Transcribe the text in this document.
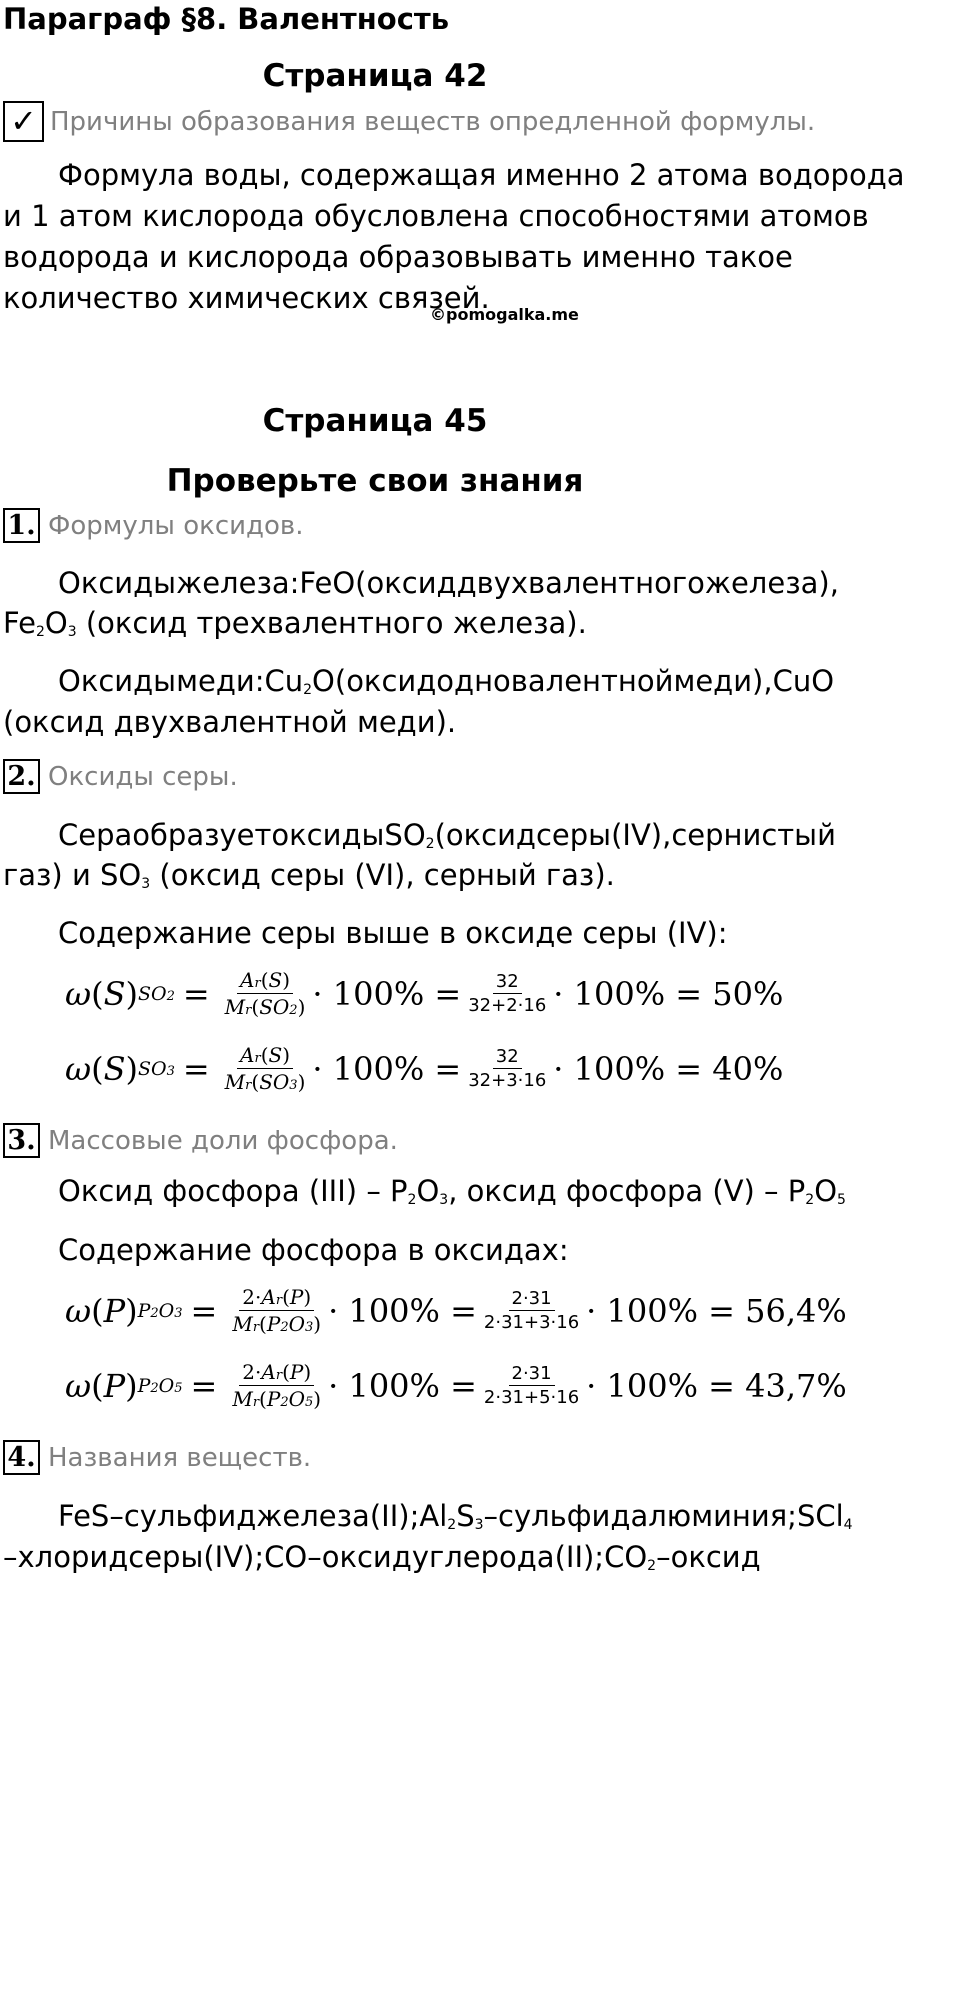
Параграф §8. Валентность
Страница 42
✓ Причины образования веществ опредленной формулы.
Формула воды, содержащая именно 2 атома водорода
и 1 атом кислорода обусловлена способностями атомов
водорода и кислорода образовывать именно такое
количество химических связей.
©pomogalka.me
Страница 45
Проверьте свои знания
1. Формулы оксидов.
Оксиды железа: FeO (оксид двухвалентного железа),
Fe2O3 (оксид трехвалентного железа).
Оксиды меди: Cu2O (оксид одновалентной меди), CuO
(оксид двухвалентной меди).
2. Оксиды серы.
Сера образует оксиды SO2 (оксид серы (IV), сернистый
газ) и SO3 (оксид серы (VI), серный газ).
Содержание серы выше в оксиде серы (IV):
ω ( S ) $SO2 = \frac{Ar(S)}{Mr(SO2)} \cdot 100\% = \frac{32}{32+2\cdot 16} \cdot 100\% = 50\%$
ω ( S ) $SO3 = \frac{Ar(S)}{Mr(SO3)} \cdot 100\% = \frac{32}{32+3\cdot 16} \cdot 100\% = 40\%$
3. Массовые доли фосфора.
Оксид фосфора (III) – P2O3, оксид фосфора (V) – P2O5
Содержание фосфора в оксидах:
ω ( P ) $P2O3 = \frac{2\cdot Ar(P)}{Mr(P2O3)} \cdot 100\% = \frac{2\cdot 31}{2\cdot 31+3\cdot 16} \cdot 100\% = 56,4\%$
ω ( P ) $P2O5 = \frac{2\cdot Ar(P)}{Mr(P2O5)} \cdot 100\% = \frac{2\cdot 31}{2\cdot 31+5\cdot 16} \cdot 100\% = 43,7\%$
4. Названия веществ.
FeS – сульфид железа (II); Al2S3 – сульфид алюминия; SCl4
– хлорид серы (IV); CO – оксид углерода (II); CO2 – оксид
